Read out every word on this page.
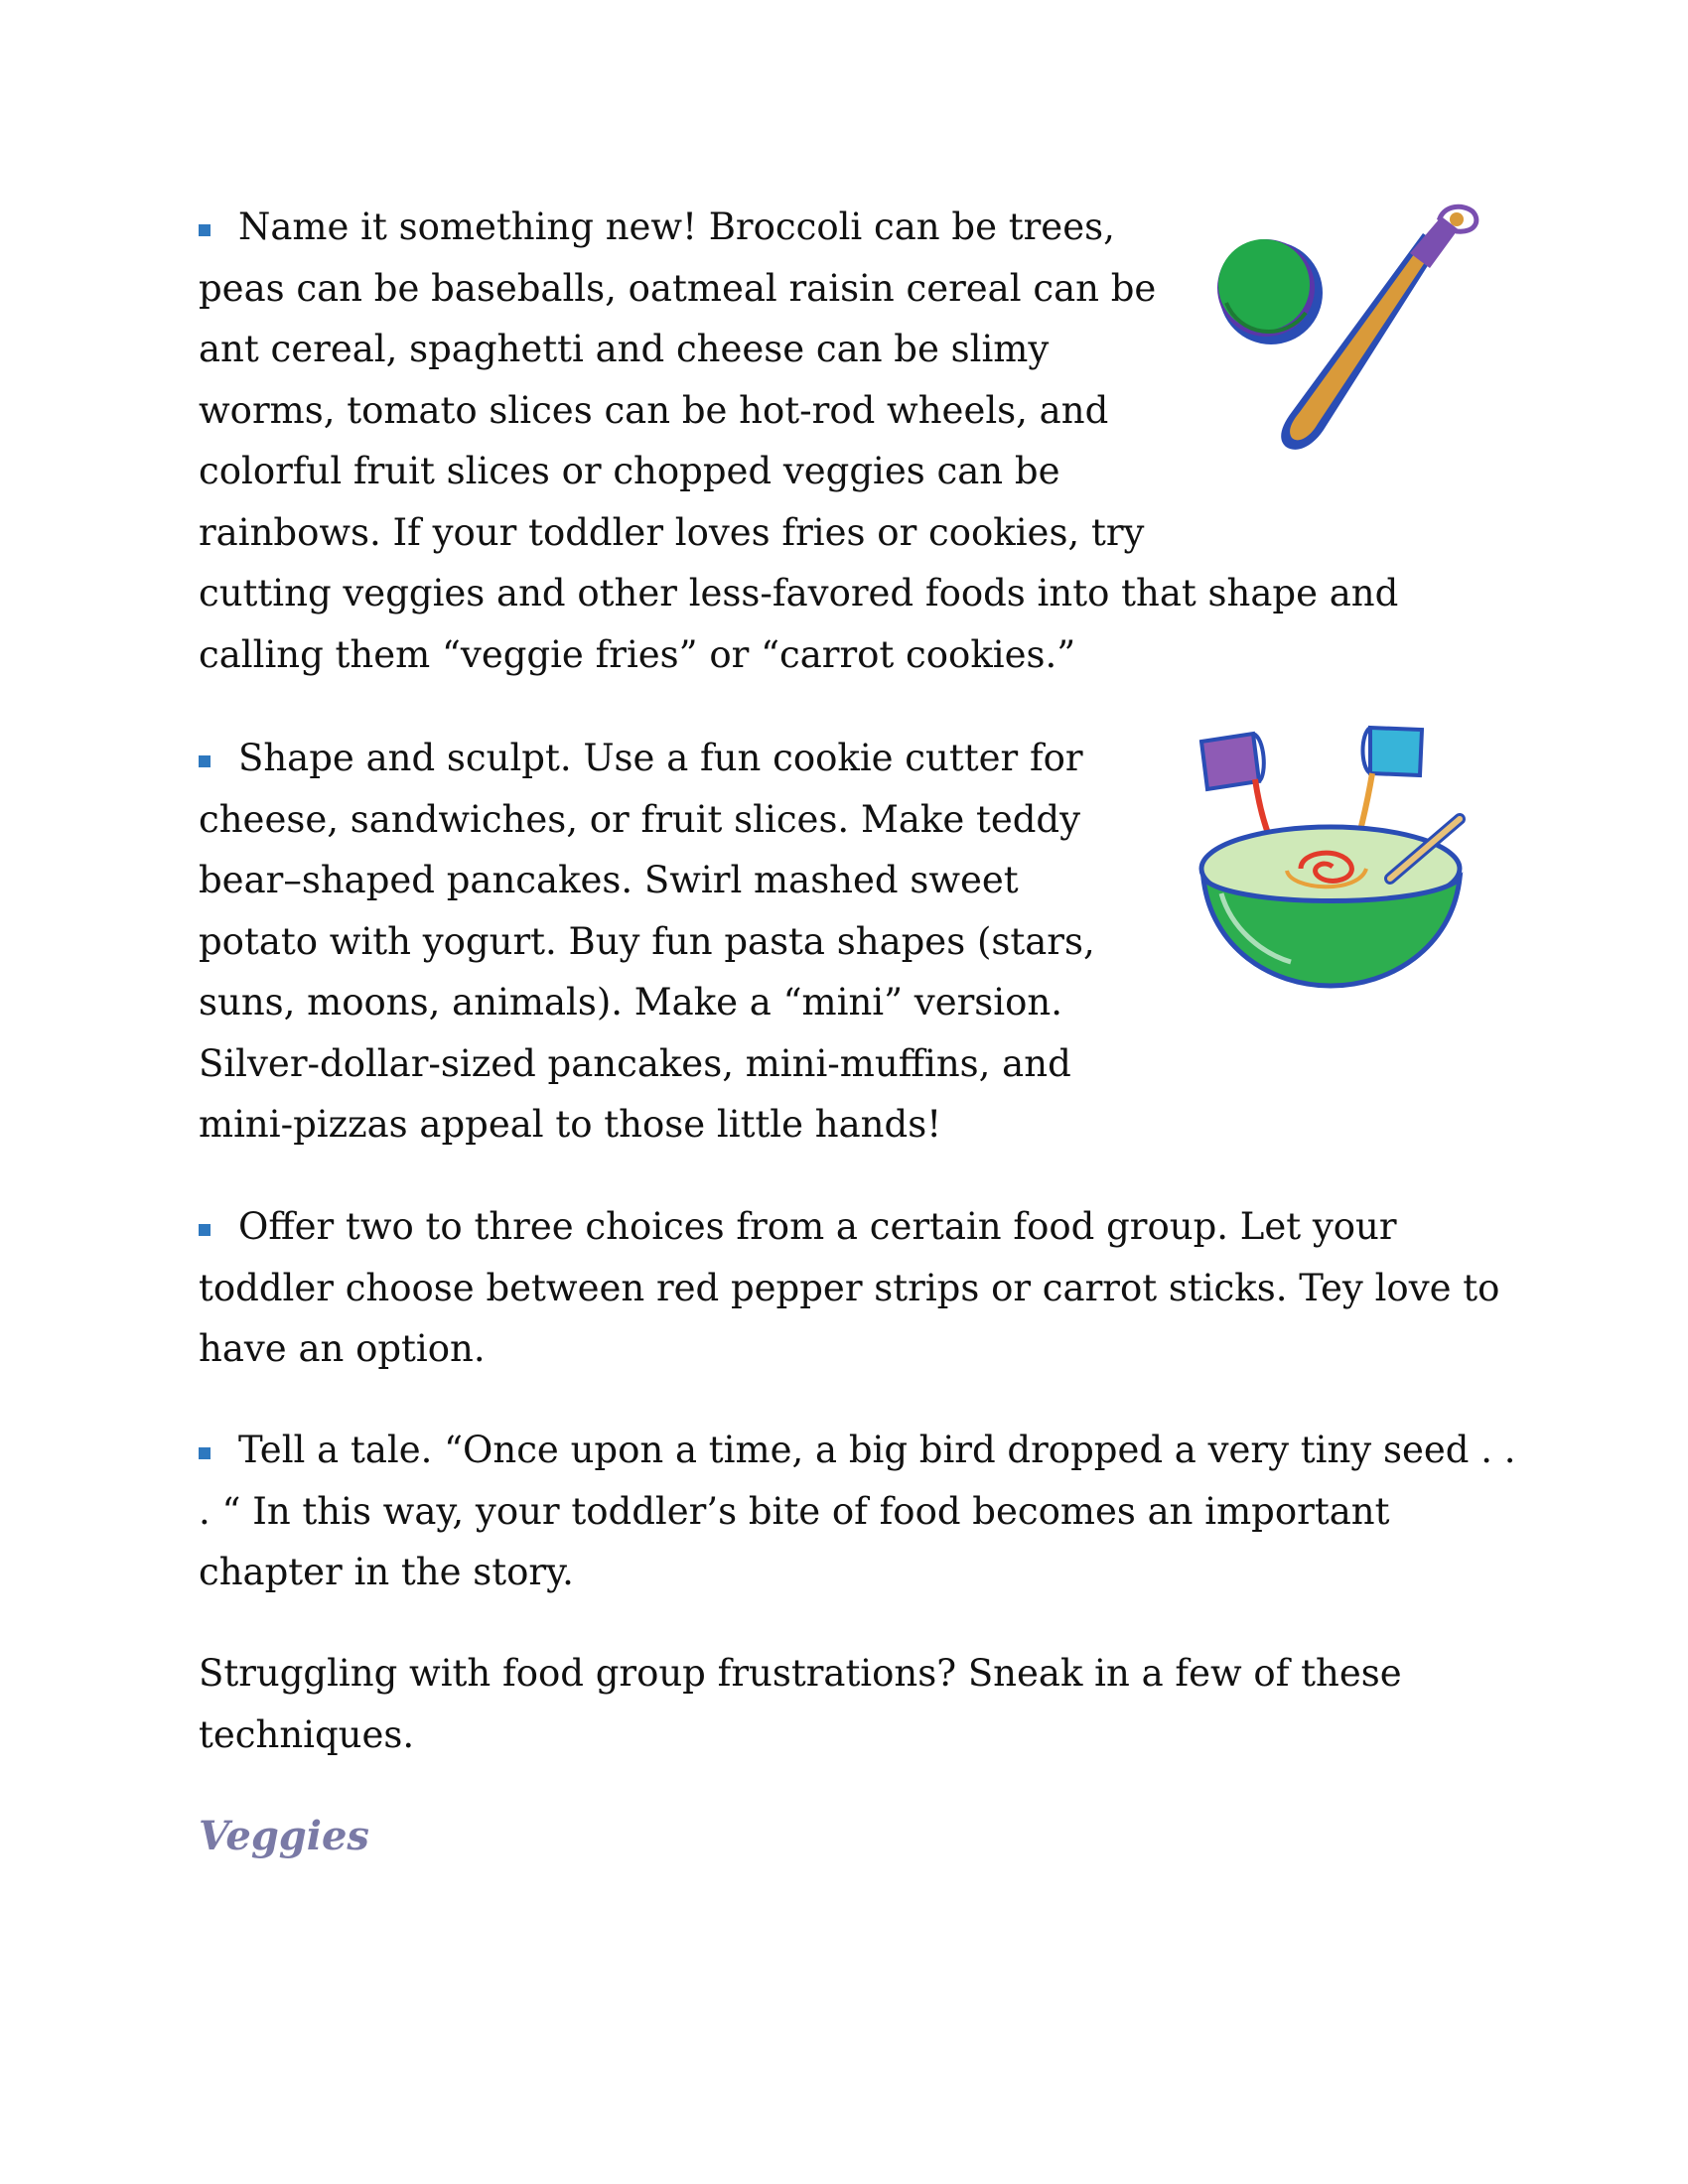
Name it something new! Broccoli can be trees,
peas can be baseballs, oatmeal raisin cereal can be
ant cereal, spaghetti and cheese can be slimy
worms, tomato slices can be hot-rod wheels, and
colorful fruit slices or chopped veggies can be
rainbows. If your toddler loves fries or cookies, try
cutting veggies and other less-favored foods into that shape and
calling them “veggie fries” or “carrot cookies.”

Shape and sculpt. Use a fun cookie cutter for
cheese, sandwiches, or fruit slices. Make teddy
bear–shaped pancakes. Swirl mashed sweet
potato with yogurt. Buy fun pasta shapes (stars,
suns, moons, animals). Make a “mini” version.
Silver-dollar-sized pancakes, mini-muffins, and
mini-pizzas appeal to those little hands!

Offer two to three choices from a certain food group. Let your
toddler choose between red pepper strips or carrot sticks. Tey love to
have an option.

Tell a tale. “Once upon a time, a big bird dropped a very tiny seed . .
. “ In this way, your toddler’s bite of food becomes an important
chapter in the story.

Struggling with food group frustrations? Sneak in a few of these
techniques.

Veggies
